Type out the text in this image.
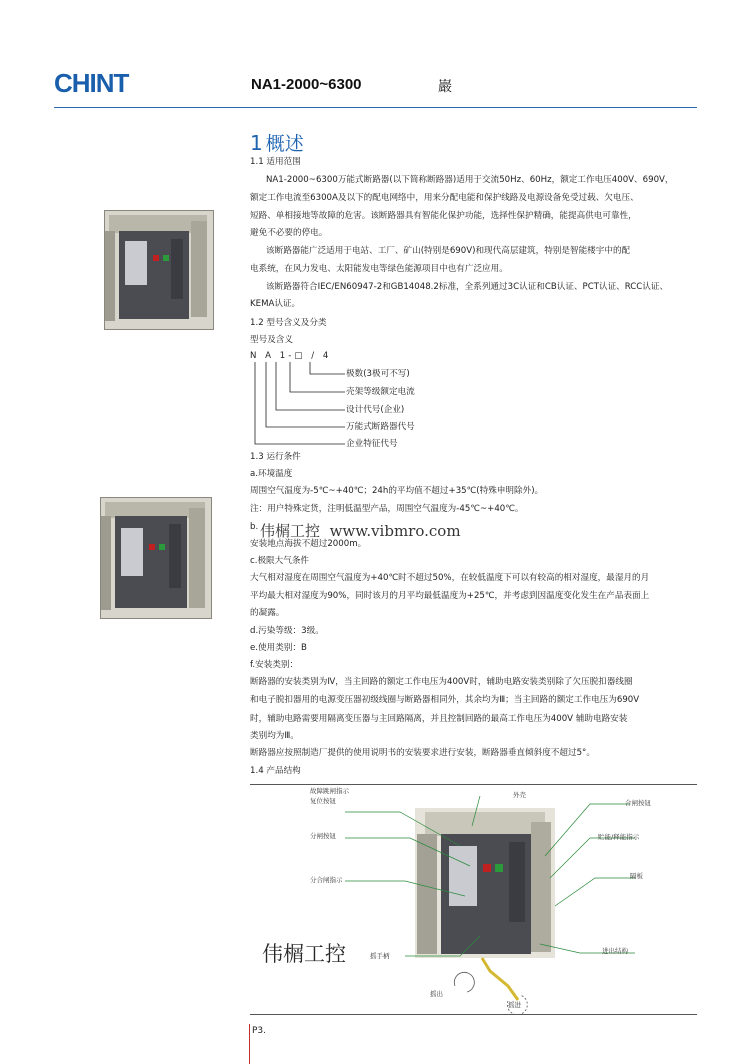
CHINT	NA1-2000~6300	巖
1 概述
1.1 适用范围
NA1-2000~6300万能式断路器(以下简称断路器)适用于交流50Hz、60Hz，额定工作电压400V、690V，
额定工作电流至6300A及以下的配电网络中，用来分配电能和保护线路及电源设备免受过载、欠电压、
短路、单相接地等故障的危害。该断路器具有智能化保护功能，选择性保护精确，能提高供电可靠性，
避免不必要的停电。
该断路器能广泛适用于电站、工厂、矿山(特别是690V)和现代高层建筑，特别是智能楼宇中的配
电系统，在风力发电、太阳能发电等绿色能源项目中也有广泛应用。
该断路器符合IEC/EN60947-2和GB14048.2标准，全系列通过3C认证和CB认证、PCT认证、RCC认证、
KEMA认证。
1.2 型号含义及分类
型号及含义
N A 1-□ / 4
极数(3极可不写)
壳架等级额定电流
设计代号(企业)
万能式断路器代号
企业特征代号
1.3 运行条件
a.环境温度
周围空气温度为-5℃~+40℃；24h的平均值不超过+35℃(特殊申明除外)。
注：用户特殊定货，注明低温型产品，周围空气温度为-45℃~+40℃。
b. 伟榍工控 www.vibmro.com
安装地点海拔不超过2000m。
c.极限大气条件
大气相对湿度在周围空气温度为+40℃时不超过50%，在较低温度下可以有较高的相对湿度，最湿月的月
平均最大相对湿度为90%，同时该月的月平均最低温度为+25℃，并考虑到因温度变化发生在产品表面上
的凝露。
d.污染等级：3级。
e.使用类别：B
f.安装类别：
断路器的安装类别为Ⅳ，当主回路的额定工作电压为400V时，辅助电路安装类别除了欠压脱扣器线圈
和电子脱扣器用的电源变压器初级线圈与断路器相同外，其余均为Ⅲ；当主回路的额定工作电压为690V
时，辅助电路需要用隔离变压器与主回路隔离，并且控制回路的最高工作电压为400V 辅助电路安装
类别均为Ⅲ。
断路器应按照制造厂提供的使用说明书的安装要求进行安装，断路器垂直倾斜度不超过5°。
1.4 产品结构
故障跳闸指示
复位按钮
外壳
合闸按钮
分闸按钮	贮能/释能指示
分合闸指示	隔板
摇手柄
进出结构
摇出
摇进
伟榍工控
P3.
